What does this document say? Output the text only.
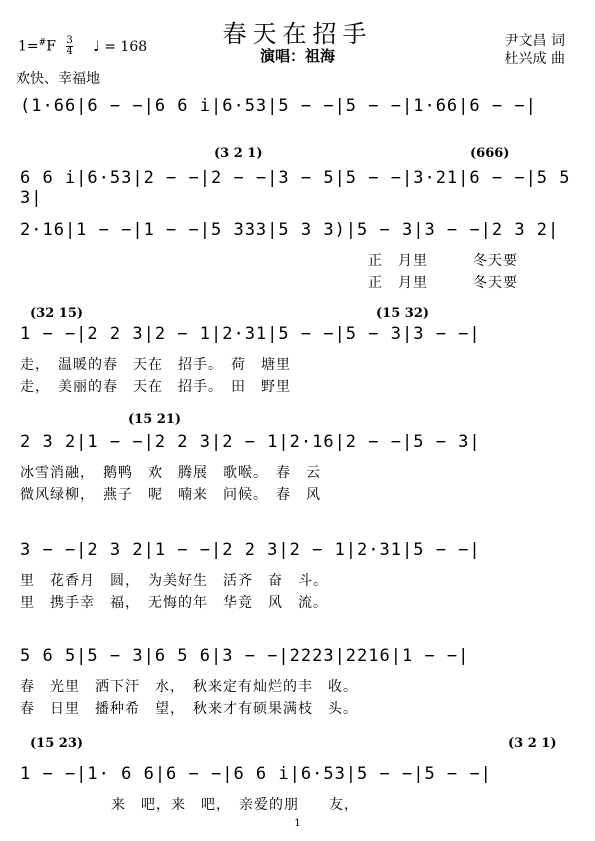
春天在招手
演唱：祖海
$1=^{\#}F \frac{3}{4}$ ♩ = 168	尹文昌 词
杜兴成 曲
欢快、幸福地
(1·66|6 − −|6 6 i|6·53|5 − −|5 − −|1·66|6 − −|
(3 2 1)	(666)
6 6 i|6·53|2 − −|2 − −|3 − 5|5 − −|3·21|6 − −|5 5 3|
2·16|1 − −|1 − −|5 333|5 3 3)|5 − 3|3 − −|2 3 2|
正　月里　　　冬天要
正　月里　　　冬天要
(32 15)	(15 32)
1 − −|2 2 3|2 − 1|2·31|5 − −|5 − 3|3 − −|
走，　温暖的春　天在　招手。　荷　塘里
走，　美丽的春　天在　招手。　田　野里
(15 21)
2 3 2|1 − −|2 2 3|2 − 1|2·16|2 − −|5 − 3|
冰雪消融，　鹅鸭　欢　腾展　歌喉。　春　云
微风绿柳，　燕子　呢　喃来　问候。　春　风
3 − −|2 3 2|1 − −|2 2 3|2 − 1|2·31|5 − −|
里　花香月　圆，　为美好生　活齐　奋　斗。
里　携手幸　福，　无悔的年　华竞　风　流。
5 6 5|5 − 3|6 5 6|3 − −|2223|2216|1 − −|
春　光里　洒下汗　水，　秋来定有灿烂的丰　收。
春　日里　播种希　望，　秋来才有硕果满枝　头。
(15 23)	(3 2 1)
1 − −|1· 6 6|6 − −|6 6 i|6·53|5 − −|5 − −|
　来　吧，来　吧，　亲爱的朋　　友，
1
